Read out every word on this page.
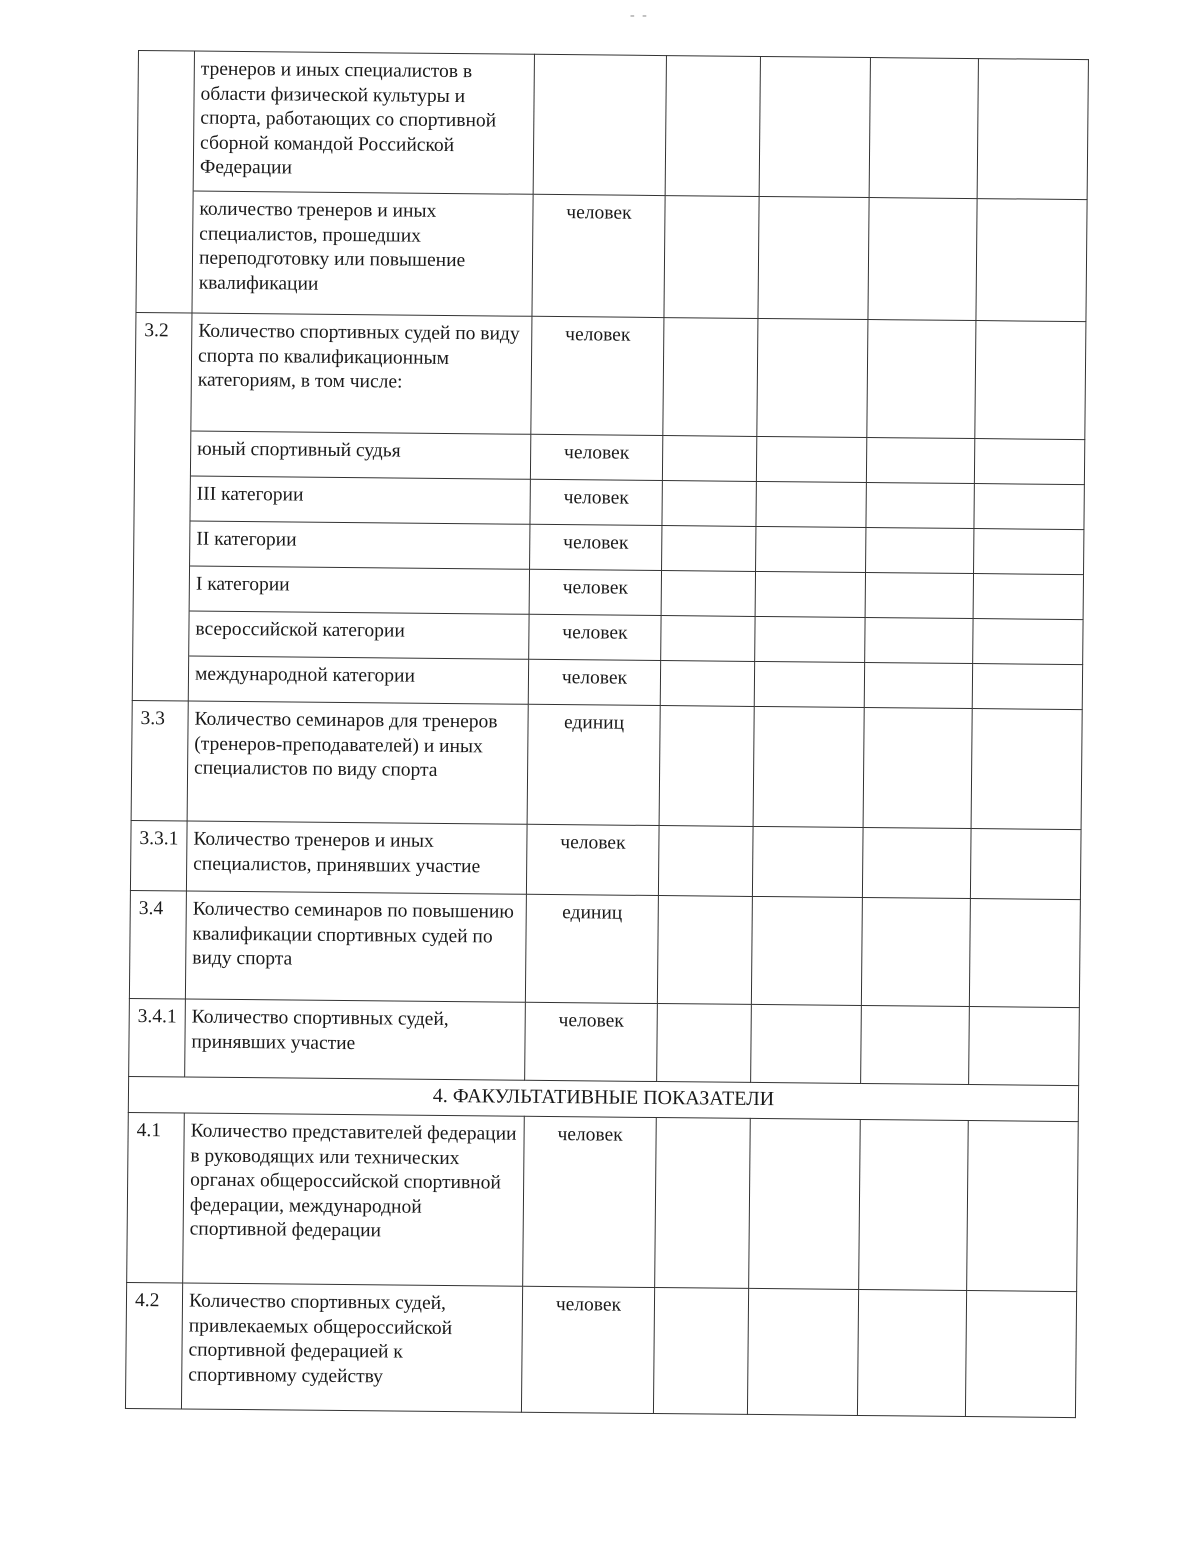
- -
	тренеров и иных специалистов в области физической культуры и спорта, работающих со спортивной сборной командой Российской Федерации					
	количество тренеров и иных специалистов, прошедших переподготовку или повышение квалификации	человек				
3.2	Количество спортивных судей по виду спорта по квалификационным категориям, в том числе:	человек				
	юный спортивный судья	человек				
	III категории	человек				
	II категории	человек				
	I категории	человек				
	всероссийской категории	человек				
	международной категории	человек				
3.3	Количество семинаров для тренеров (тренеров-преподавателей) и иных специалистов по виду спорта	единиц				
3.3.1	Количество тренеров и иных специалистов, принявших участие	человек				
3.4	Количество семинаров по повышению квалификации спортивных судей по виду спорта	единиц				
3.4.1	Количество спортивных судей, принявших участие	человек				
4. ФАКУЛЬТАТИВНЫЕ ПОКАЗАТЕЛИ						
4.1	Количество представителей федерации в руководящих или технических органах общероссийской спортивной федерации, международной спортивной федерации	человек				
4.2	Количество спортивных судей, привлекаемых общероссийской спортивной федерацией к спортивному судейству	человек				
